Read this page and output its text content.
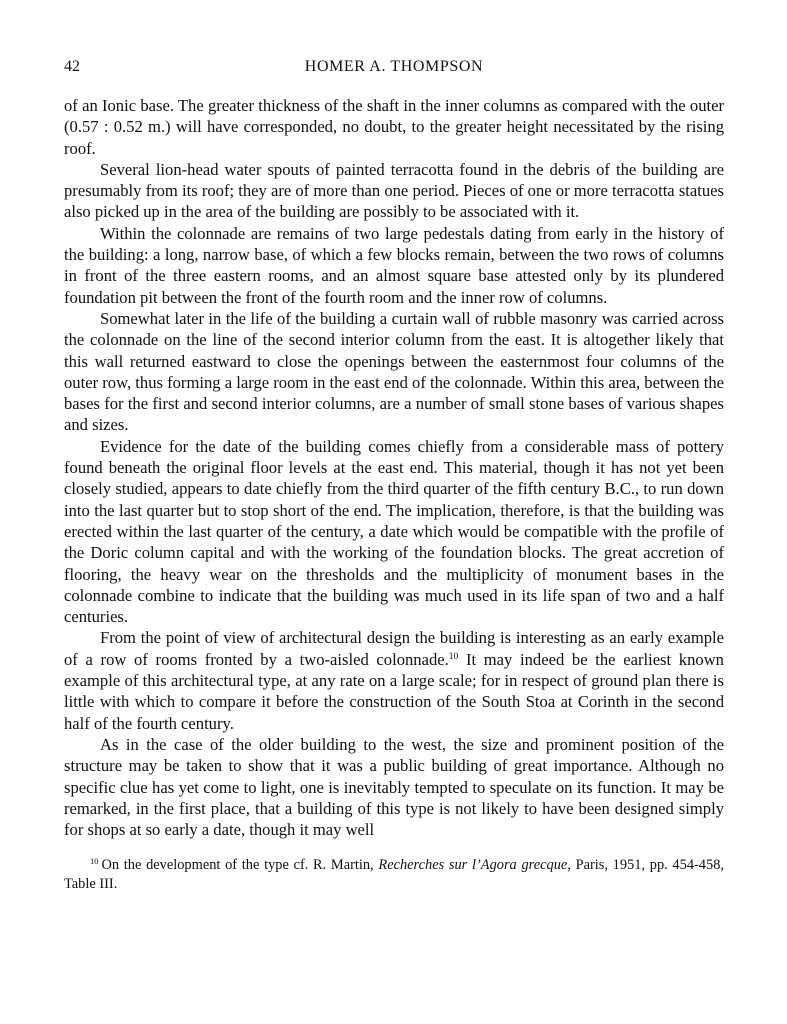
42	HOMER A. THOMPSON

of an Ionic base. The greater thickness of the shaft in the inner columns as compared with the outer (0.57 : 0.52 m.) will have corresponded, no doubt, to the greater height necessitated by the rising roof.

Several lion-head water spouts of painted terracotta found in the debris of the building are presumably from its roof; they are of more than one period. Pieces of one or more terracotta statues also picked up in the area of the building are possibly to be associated with it.

Within the colonnade are remains of two large pedestals dating from early in the history of the building: a long, narrow base, of which a few blocks remain, between the two rows of columns in front of the three eastern rooms, and an almost square base attested only by its plundered foundation pit between the front of the fourth room and the inner row of columns.

Somewhat later in the life of the building a curtain wall of rubble masonry was carried across the colonnade on the line of the second interior column from the east. It is altogether likely that this wall returned eastward to close the openings between the easternmost four columns of the outer row, thus forming a large room in the east end of the colonnade. Within this area, between the bases for the first and second interior columns, are a number of small stone bases of various shapes and sizes.

Evidence for the date of the building comes chiefly from a considerable mass of pottery found beneath the original floor levels at the east end. This material, though it has not yet been closely studied, appears to date chiefly from the third quarter of the fifth century B.C., to run down into the last quarter but to stop short of the end. The implication, therefore, is that the building was erected within the last quarter of the century, a date which would be compatible with the profile of the Doric column capital and with the working of the foundation blocks. The great accretion of flooring, the heavy wear on the thresholds and the multiplicity of monument bases in the colonnade combine to indicate that the building was much used in its life span of two and a half centuries.

From the point of view of architectural design the building is interesting as an early example of a row of rooms fronted by a two-aisled colonnade.$^{10}$ It may indeed be the earliest known example of this architectural type, at any rate on a large scale; for in respect of ground plan there is little with which to compare it before the construction of the South Stoa at Corinth in the second half of the fourth century.

As in the case of the older building to the west, the size and prominent position of the structure may be taken to show that it was a public building of great importance. Although no specific clue has yet come to light, one is inevitably tempted to speculate on its function. It may be remarked, in the first place, that a building of this type is not likely to have been designed simply for shops at so early a date, though it may well

$^{10}$ On the development of the type cf. R. Martin, Recherches sur l’Agora grecque, Paris, 1951, pp. 454-458, Table III.
